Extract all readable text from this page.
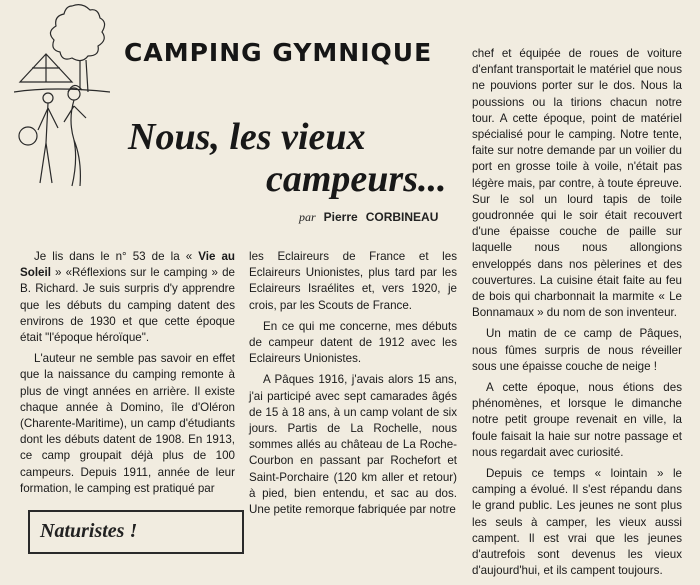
CAMPING GYMNIQUE
Nous, les vieux
campeurs...
par Pierre CORBINEAU

Je lis dans le n° 53 de la « Vie au Soleil » «Réflexions sur le camping » de B. Richard. Je suis surpris d'y apprendre que les débuts du camping datent des environs de 1930 et que cette époque était "l'époque héroïque".

L'auteur ne semble pas savoir en effet que la naissance du camping remonte à plus de vingt années en arrière. Il existe chaque année à Domino, île d'Oléron (Charente-Maritime), un camp d'étudiants dont les débuts datent de 1908. En 1913, ce camp groupait déjà plus de 100 campeurs. Depuis 1911, année de leur formation, le camping est pratiqué par

les Eclaireurs de France et les Eclaireurs Unionistes, plus tard par les Eclaireurs Israélites et, vers 1920, je crois, par les Scouts de France.

En ce qui me concerne, mes débuts de campeur datent de 1912 avec les Eclaireurs Unionistes.

A Pâques 1916, j'avais alors 15 ans, j'ai participé avec sept camarades âgés de 15 à 18 ans, à un camp volant de six jours. Partis de La Rochelle, nous sommes allés au château de La Roche-Courbon en passant par Rochefort et Saint-Porchaire (120 km aller et retour) à pied, bien entendu, et sac au dos. Une petite remorque fabriquée par notre

chef et équipée de roues de voiture d'enfant transportait le matériel que nous ne pouvions porter sur le dos. Nous la poussions ou la tirions chacun notre tour. A cette époque, point de matériel spécialisé pour le camping. Notre tente, faite sur notre demande par un voilier du port en grosse toile à voile, n'était pas légère mais, par contre, à toute épreuve. Sur le sol un lourd tapis de toile goudronnée qui le soir était recouvert d'une épaisse couche de paille sur laquelle nous nous allongions enveloppés dans nos pèlerines et des couvertures. La cuisine était faite au feu de bois qui charbonnait la marmite « Le Bonnamaux » du nom de son inventeur.

Un matin de ce camp de Pâques, nous fûmes surpris de nous réveiller sous une épaisse couche de neige !

A cette époque, nous étions des phénomènes, et lorsque le dimanche notre petit groupe revenait en ville, la foule faisait la haie sur notre passage et nous regardait avec curiosité.

Depuis ce temps « lointain » le camping a évolué. Il s'est répandu dans le grand public. Les jeunes ne sont plus les seuls à camper, les vieux aussi campent. Il est vrai que les jeunes d'autrefois sont devenus les vieux d'aujourd'hui, et ils campent toujours.

Naturistes !
